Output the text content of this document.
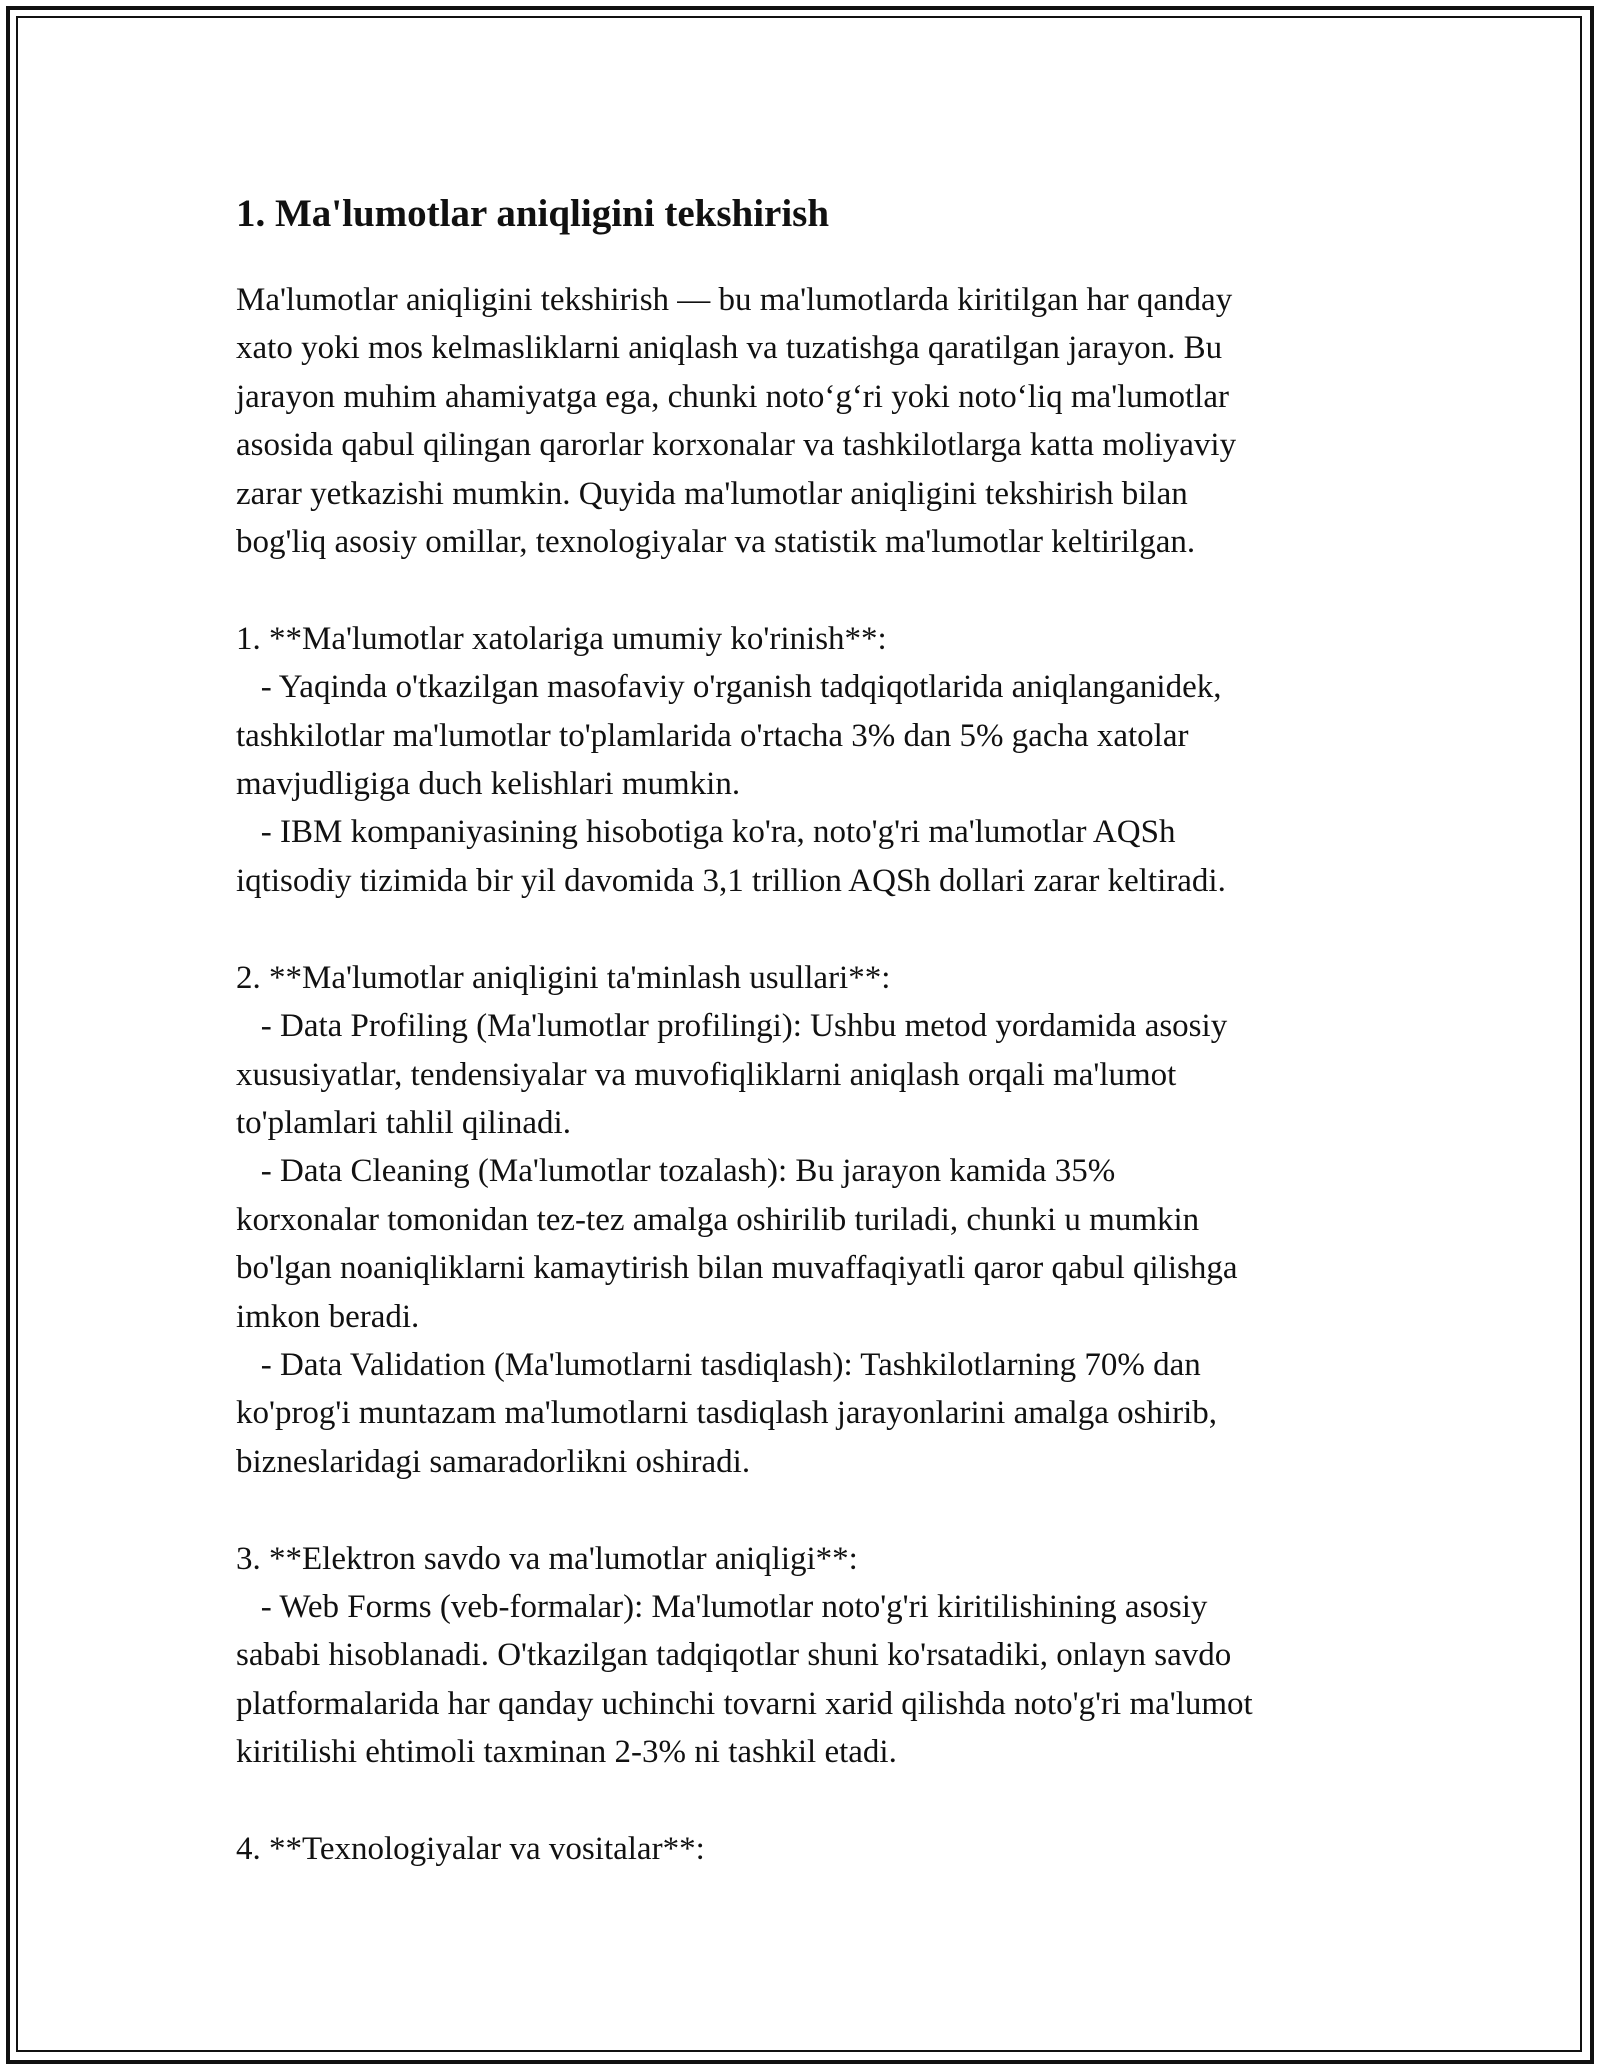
1. Ma'lumotlar aniqligini tekshirish

Ma'lumotlar aniqligini tekshirish — bu ma'lumotlarda kiritilgan har qanday
xato yoki mos kelmasliklarni aniqlash va tuzatishga qaratilgan jarayon. Bu
jarayon muhim ahamiyatga ega, chunki noto‘g‘ri yoki noto‘liq ma'lumotlar
asosida qabul qilingan qarorlar korxonalar va tashkilotlarga katta moliyaviy
zarar yetkazishi mumkin. Quyida ma'lumotlar aniqligini tekshirish bilan
bog'liq asosiy omillar, texnologiyalar va statistik ma'lumotlar keltirilgan.

1. **Ma'lumotlar xatolariga umumiy ko'rinish**:
- Yaqinda o'tkazilgan masofaviy o'rganish tadqiqotlarida aniqlanganidek,
tashkilotlar ma'lumotlar to'plamlarida o'rtacha 3% dan 5% gacha xatolar
mavjudligiga duch kelishlari mumkin.
- IBM kompaniyasining hisobotiga ko'ra, noto'g'ri ma'lumotlar AQSh
iqtisodiy tizimida bir yil davomida 3,1 trillion AQSh dollari zarar keltiradi.

2. **Ma'lumotlar aniqligini ta'minlash usullari**:
- Data Profiling (Ma'lumotlar profilingi): Ushbu metod yordamida asosiy
xususiyatlar, tendensiyalar va muvofiqliklarni aniqlash orqali ma'lumot
to'plamlari tahlil qilinadi.
- Data Cleaning (Ma'lumotlar tozalash): Bu jarayon kamida 35%
korxonalar tomonidan tez-tez amalga oshirilib turiladi, chunki u mumkin
bo'lgan noaniqliklarni kamaytirish bilan muvaffaqiyatli qaror qabul qilishga
imkon beradi.
- Data Validation (Ma'lumotlarni tasdiqlash): Tashkilotlarning 70% dan
ko'prog'i muntazam ma'lumotlarni tasdiqlash jarayonlarini amalga oshirib,
bizneslaridagi samaradorlikni oshiradi.

3. **Elektron savdo va ma'lumotlar aniqligi**:
- Web Forms (veb-formalar): Ma'lumotlar noto'g'ri kiritilishining asosiy
sababi hisoblanadi. O'tkazilgan tadqiqotlar shuni ko'rsatadiki, onlayn savdo
platformalarida har qanday uchinchi tovarni xarid qilishda noto'g'ri ma'lumot
kiritilishi ehtimoli taxminan 2-3% ni tashkil etadi.

4. **Texnologiyalar va vositalar**:
